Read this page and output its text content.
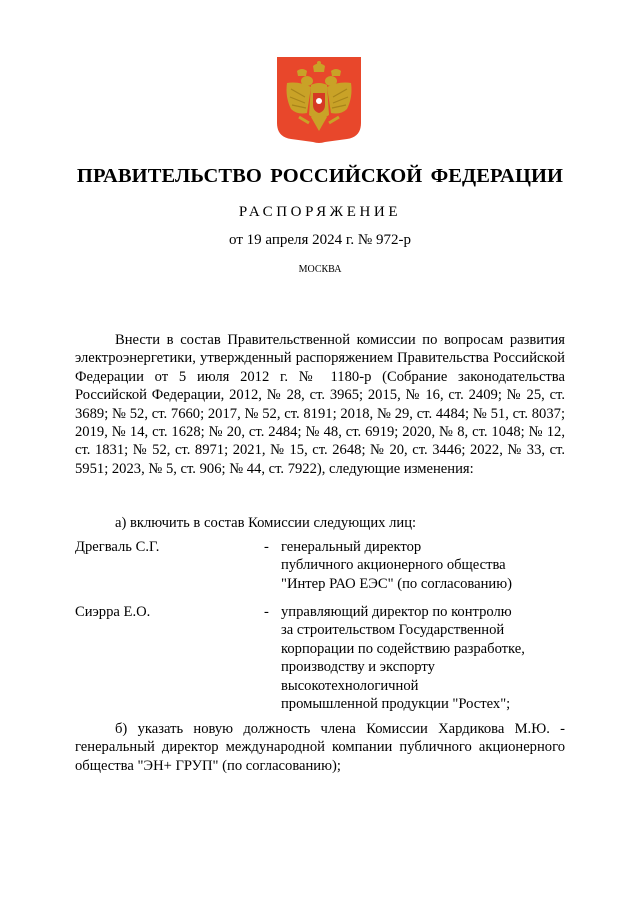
ПРАВИТЕЛЬСТВО РОССИЙСКОЙ ФЕДЕРАЦИИ
РАСПОРЯЖЕНИЕ
от 19 апреля 2024 г. № 972-р
МОСКВА
Внести в состав Правительственной комиссии по вопросам развития электроэнергетики, утвержденный распоряжением Правительства Российской Федерации от 5 июля 2012 г. № 1180-р (Собрание законодательства Российской Федерации, 2012, № 28, ст. 3965; 2015, № 16, ст. 2409; № 25, ст. 3689; № 52, ст. 7660; 2017, № 52, ст. 8191; 2018, № 29, ст. 4484; № 51, ст. 8037; 2019, № 14, ст. 1628; № 20, ст. 2484; № 48, ст. 6919; 2020, № 8, ст. 1048; № 12, ст. 1831; № 52, ст. 8971; 2021, № 15, ст. 2648; № 20, ст. 3446; 2022, № 33, ст. 5951; 2023, № 5, ст. 906; № 44, ст. 7922), следующие изменения:
а) включить в состав Комиссии следующих лиц:
Дрегваль С.Г.	- генеральный директор
публичного акционерного общества
"Интер РАО ЕЭС" (по согласованию)
Сиэрра Е.О.	- управляющий директор по контролю
за строительством Государственной
корпорации по содействию разработке,
производству и экспорту
высокотехнологичной
промышленной продукции "Ростех";
б) указать новую должность члена Комиссии Хардикова М.Ю. - генеральный директор международной компании публичного акционерного общества "ЭН+ ГРУП" (по согласованию);
